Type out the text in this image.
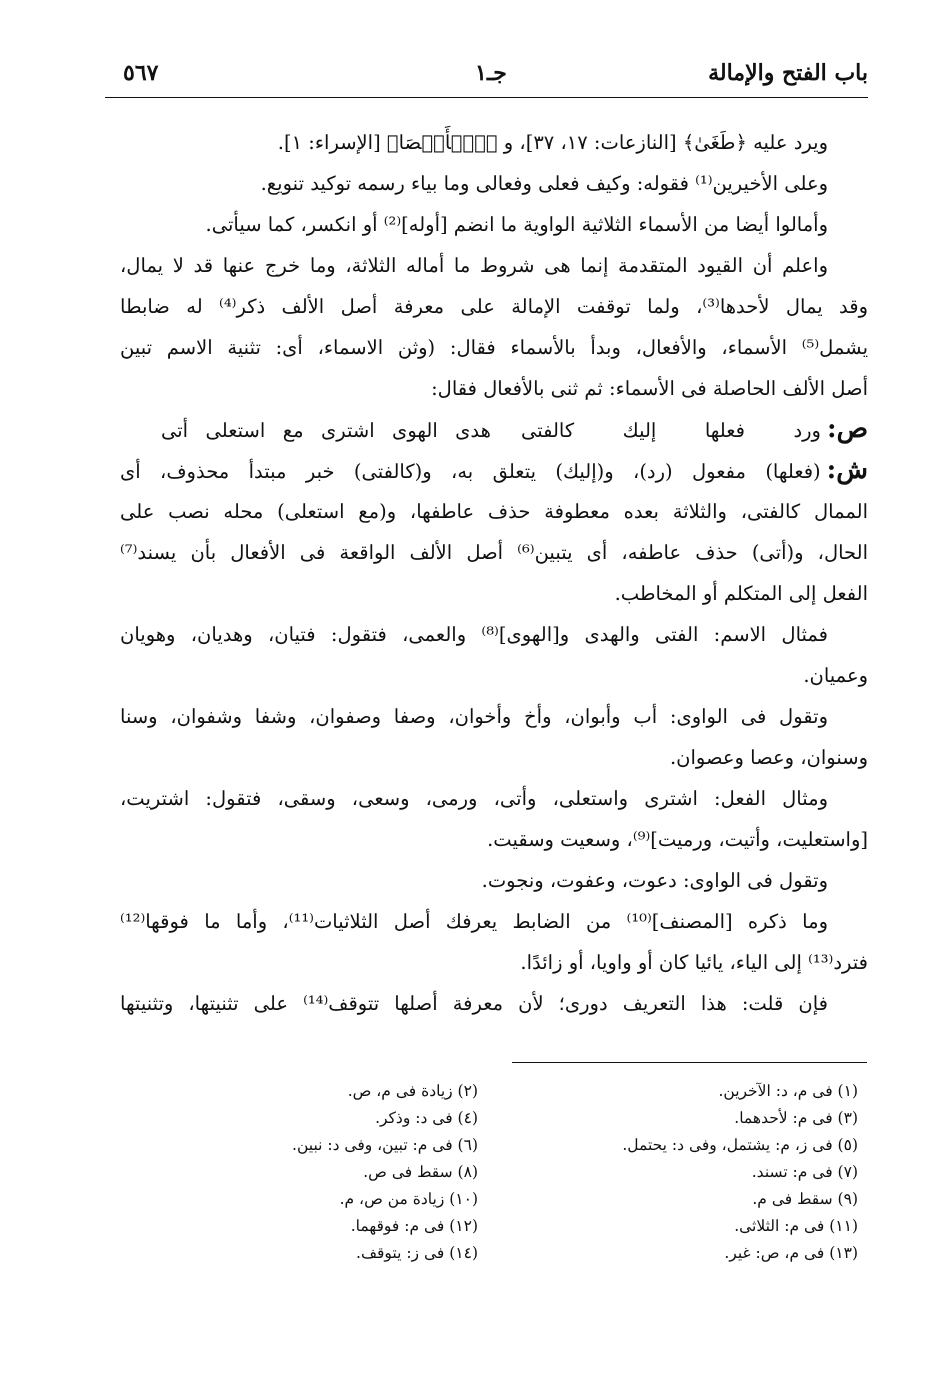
باب الفتح والإمالة
جـ١
٥٦٧
ويرد عليه ﴿طَغَىٰ﴾ [النازعات: ١٧، ٣٧]، و ﴿ٱلۡأَقۡصَا﴾ [الإسراء: ١].
وعلى الأخيرين⁽¹⁾ فقوله: وكيف فعلى وفعالى وما بياء رسمه توكيد تنويع.
وأمالوا أيضا من الأسماء الثلاثية الواوية ما انضم [أوله]⁽²⁾ أو انكسر، كما سيأتى.
واعلم أن القيود المتقدمة إنما هى شروط ما أماله الثلاثة، وما خرج عنها قد لا يمال،
وقد يمال لأحدها⁽³⁾، ولما توقفت الإمالة على معرفة أصل الألف ذكر⁽⁴⁾ له ضابطا
يشمل⁽⁵⁾ الأسماء، والأفعال، وبدأ بالأسماء فقال: (وثن الاسماء، أى: تثنية الاسم تبين
أصل الألف الحاصلة فى الأسماء: ثم ثنى بالأفعال فقال:
ص:ورد فعلها إليك كالفتىهدى الهوى اشترى مع استعلى أتى
ش:(فعلها) مفعول (رد)، و(إليك) يتعلق به، و(كالفتى) خبر مبتدأ محذوف، أى
الممال كالفتى، والثلاثة بعده معطوفة حذف عاطفها، و(مع استعلى) محله نصب على
الحال، و(أتى) حذف عاطفه، أى يتبين⁽⁶⁾ أصل الألف الواقعة فى الأفعال بأن يسند⁽⁷⁾
الفعل إلى المتكلم أو المخاطب.
فمثال الاسم: الفتى والهدى و[الهوى]⁽⁸⁾ والعمى، فتقول: فتيان، وهديان، وهويان
وعميان.
وتقول فى الواوى: أب وأبوان، وأخ وأخوان، وصفا وصفوان، وشفا وشفوان، وسنا
وسنوان، وعصا وعصوان.
ومثال الفعل: اشترى واستعلى، وأتى، ورمى، وسعى، وسقى، فتقول: اشتريت،
[واستعليت، وأتيت، ورميت]⁽⁹⁾، وسعيت وسقيت.
وتقول فى الواوى: دعوت، وعفوت، ونجوت.
وما ذكره [المصنف]⁽¹⁰⁾ من الضابط يعرفك أصل الثلاثيات⁽¹¹⁾، وأما ما فوقها⁽¹²⁾
فترد⁽¹³⁾ إلى الياء، يائيا كان أو واويا، أو زائدًا.
فإن قلت: هذا التعريف دورى؛ لأن معرفة أصلها تتوقف⁽¹⁴⁾ على تثنيتها، وتثنيتها
(١) فى م، د: الآخرين.
(٣) فى م: لأحدهما.
(٥) فى ز، م: يشتمل، وفى د: يحتمل.
(٧) فى م: تسند.
(٩) سقط فى م.
(١١) فى م: الثلاثى.
(١٣) فى م، ص: غير.
(٢) زيادة فى م، ص.
(٤) فى د: وذكر.
(٦) فى م: تبين، وفى د: نبين.
(٨) سقط فى ص.
(١٠) زيادة من ص، م.
(١٢) فى م: فوقهما.
(١٤) فى ز: يتوقف.
